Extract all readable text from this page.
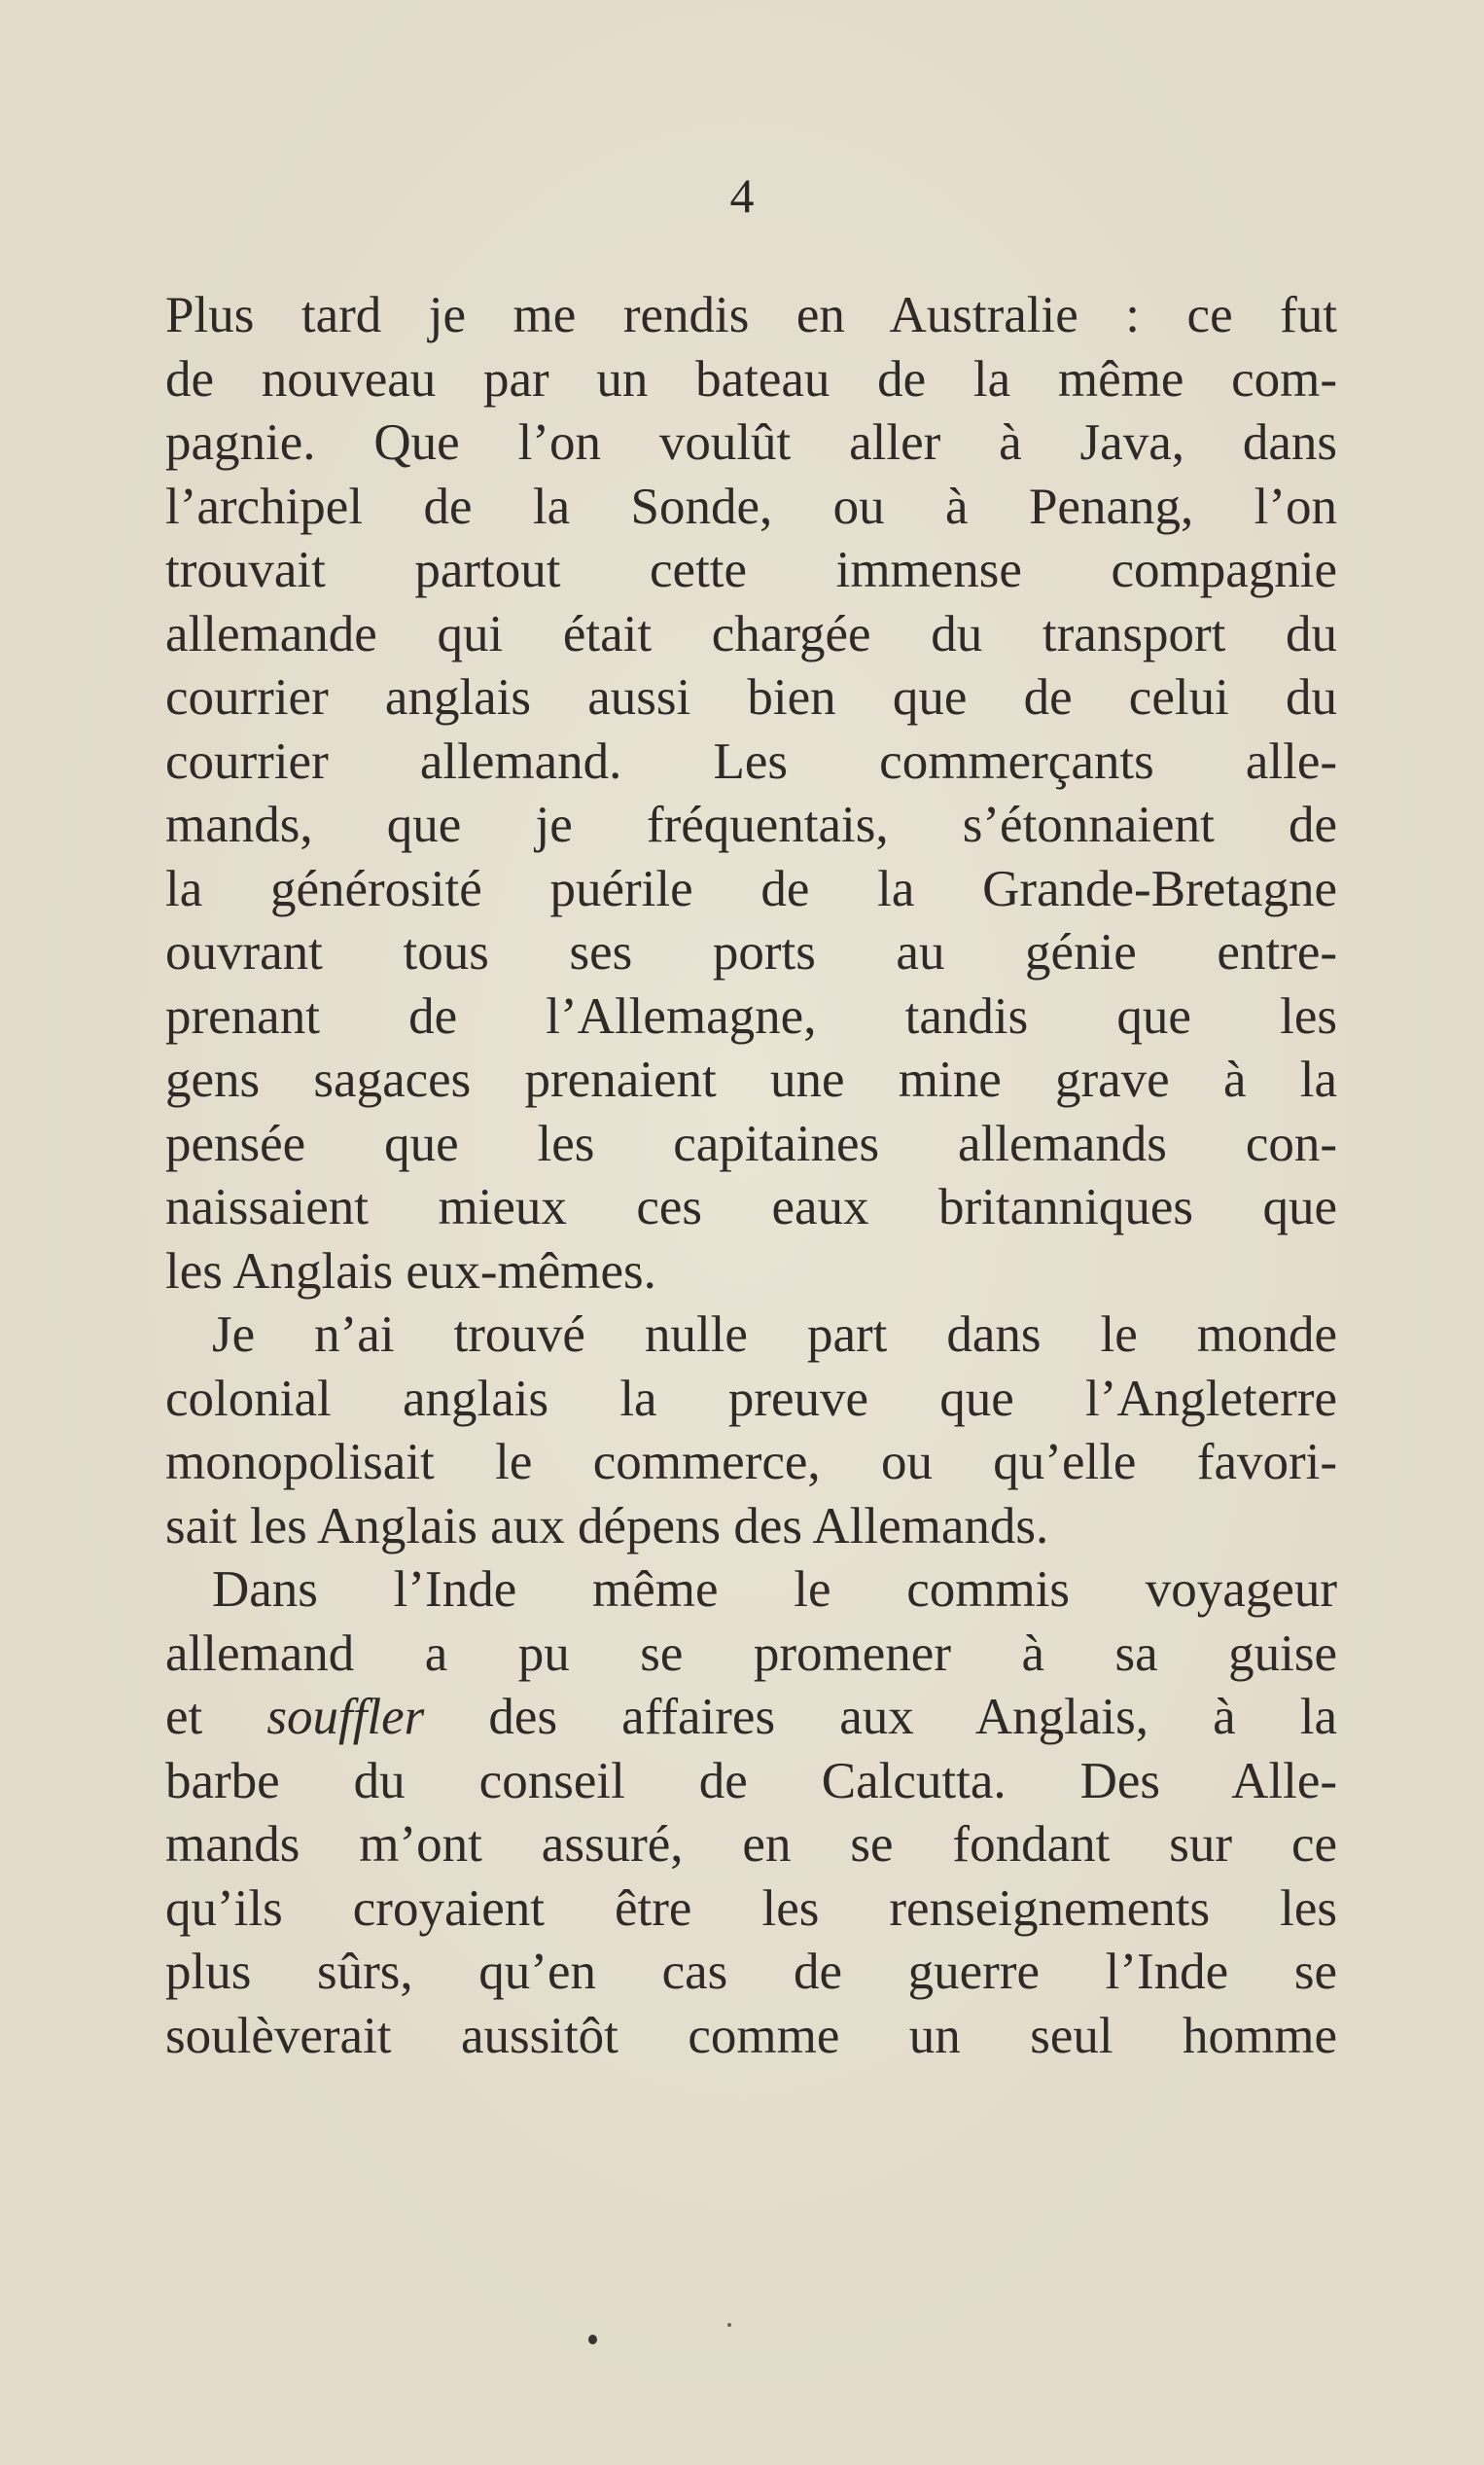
4
Plus tard je me rendis en Australie : ce fut
de nouveau par un bateau de la même com-
pagnie. Que l’on voulût aller à Java, dans
l’archipel de la Sonde, ou à Penang, l’on
trouvait partout cette immense compagnie
allemande qui était chargée du transport du
courrier anglais aussi bien que de celui du
courrier allemand. Les commerçants alle-
mands, que je fréquentais, s’étonnaient de
la générosité puérile de la Grande-Bretagne
ouvrant tous ses ports au génie entre-
prenant de l’Allemagne, tandis que les
gens sagaces prenaient une mine grave à la
pensée que les capitaines allemands con-
naissaient mieux ces eaux britanniques que
les Anglais eux-mêmes.
Je n’ai trouvé nulle part dans le monde
colonial anglais la preuve que l’Angleterre
monopolisait le commerce, ou qu’elle favori-
sait les Anglais aux dépens des Allemands.
Dans l’Inde même le commis voyageur
allemand a pu se promener à sa guise
et souffler des affaires aux Anglais, à la
barbe du conseil de Calcutta. Des Alle-
mands m’ont assuré, en se fondant sur ce
qu’ils croyaient être les renseignements les
plus sûrs, qu’en cas de guerre l’Inde se
soulèverait aussitôt comme un seul homme
